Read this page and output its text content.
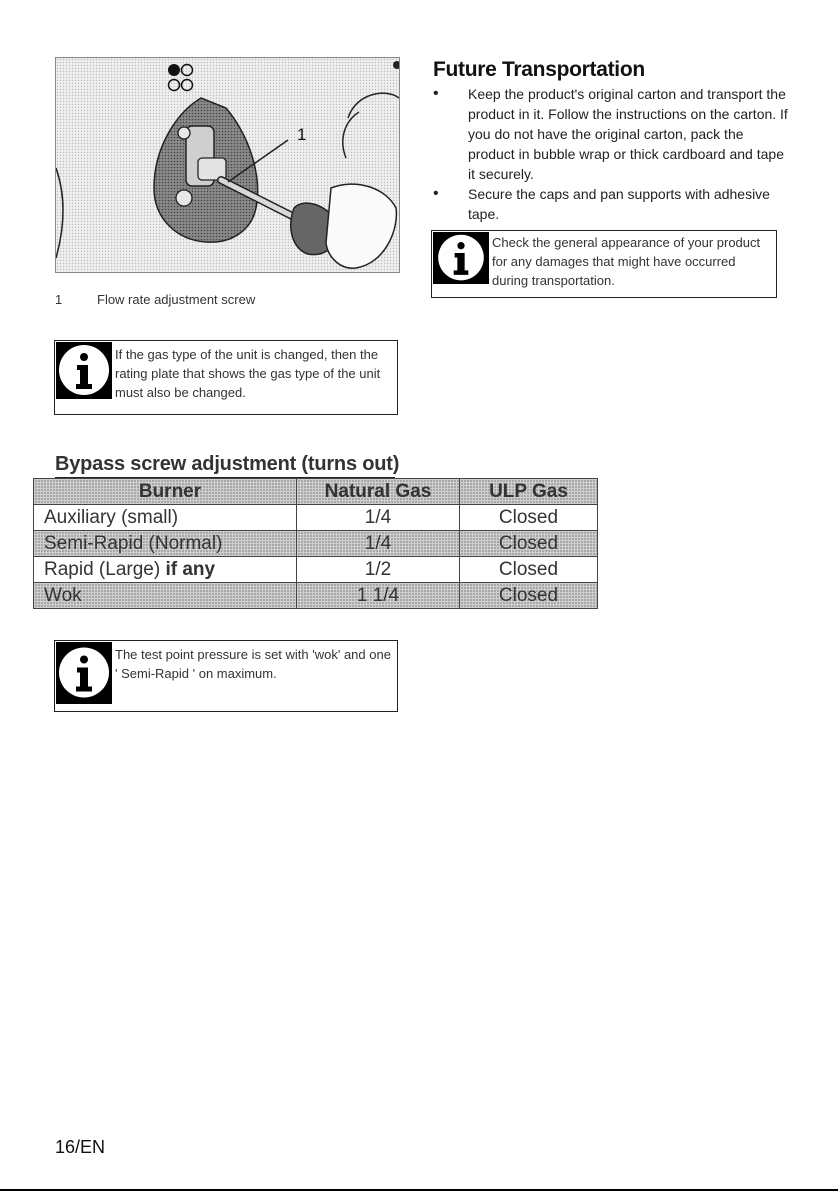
1
1	Flow rate adjustment screw
If the gas type of the unit is changed, then the rating plate that shows the gas type of the unit must also be changed.
Future Transportation
• Keep the product's original carton and transport the product in it. Follow the instructions on the carton. If you do not have the original carton, pack the product in bubble wrap or thick cardboard and tape it securely.
• Secure the caps and pan supports with adhesive tape.
Check the general appearance of your product for any damages that might have occurred during transportation.
Bypass screw adjustment (turns out)
Burner	Natural Gas	ULP Gas
Auxiliary (small)	1/4	Closed
Semi-Rapid (Normal)	1/4	Closed
Rapid (Large) if any	1/2	Closed
Wok	1 1/4	Closed
The test point pressure is set with 'wok' and one ' Semi-Rapid ' on maximum.
16/EN
